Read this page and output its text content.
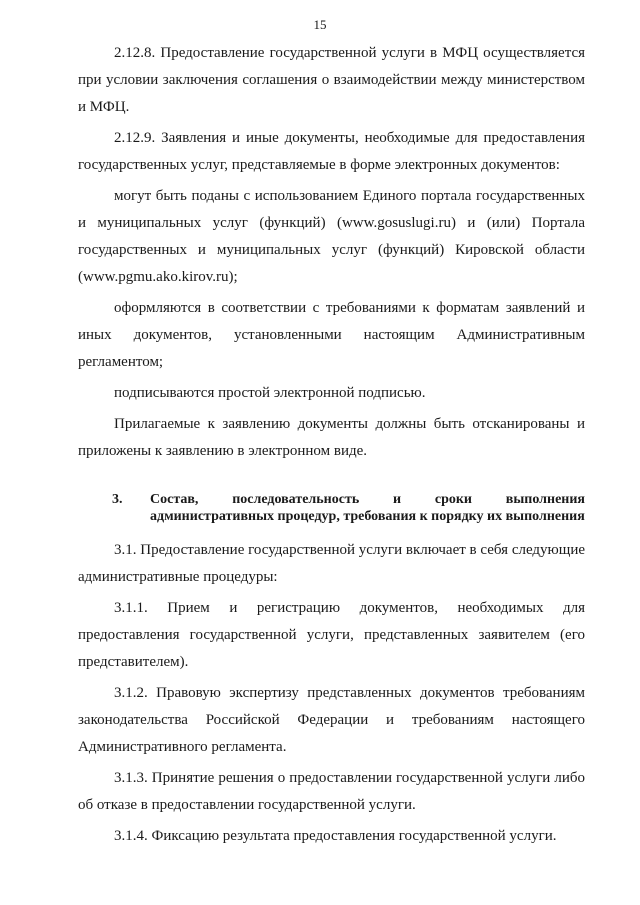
15

2.12.8. Предоставление государственной услуги в МФЦ осуществляется при условии заключения соглашения о взаимодействии между министерством и МФЦ.

2.12.9. Заявления и иные документы, необходимые для предоставления государственных услуг, представляемые в форме электронных документов:

могут быть поданы с использованием Единого портала государственных и муниципальных услуг (функций) (www.gosuslugi.ru) и (или) Портала государственных и муниципальных услуг (функций) Кировской области (www.pgmu.ako.kirov.ru);

оформляются в соответствии с требованиями к форматам заявлений и иных документов, установленными настоящим Административным регламентом;

подписываются простой электронной подписью.

Прилагаемые к заявлению документы должны быть отсканированы и приложены к заявлению в электронном виде.

3. Состав, последовательность и сроки выполнения административных процедур, требования к порядку их выполнения

3.1. Предоставление государственной услуги включает в себя следующие административные процедуры:

3.1.1. Прием и регистрацию документов, необходимых для предоставления государственной услуги, представленных заявителем (его представителем).

3.1.2. Правовую экспертизу представленных документов требованиям законодательства Российской Федерации и требованиям настоящего Административного регламента.

3.1.3. Принятие решения о предоставлении государственной услуги либо об отказе в предоставлении государственной услуги.

3.1.4. Фиксацию результата предоставления государственной услуги.
